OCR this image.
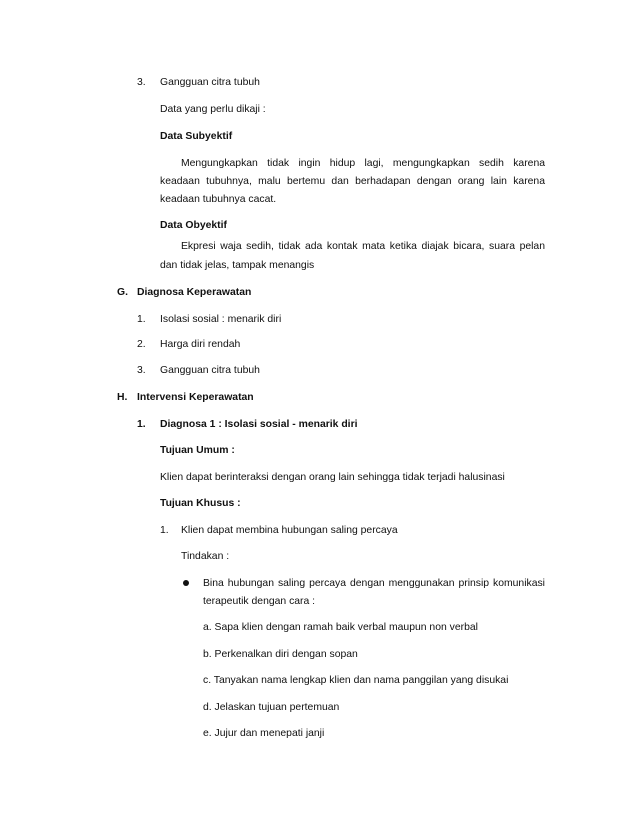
3. Gangguan citra tubuh
Data yang perlu dikaji :
Data Subyektif
Mengungkapkan tidak ingin hidup lagi, mengungkapkan sedih karena
keadaan tubuhnya, malu bertemu dan berhadapan dengan orang lain karena
keadaan tubuhnya cacat.
Data Obyektif
Ekpresi waja sedih, tidak ada kontak mata ketika diajak bicara, suara pelan
dan tidak jelas, tampak menangis
G. Diagnosa Keperawatan
1. Isolasi sosial : menarik diri
2. Harga diri rendah
3. Gangguan citra tubuh
H. Intervensi Keperawatan
1. Diagnosa 1 : Isolasi sosial - menarik diri
Tujuan Umum :
Klien dapat berinteraksi dengan orang lain sehingga tidak terjadi halusinasi
Tujuan Khusus :
1. Klien dapat membina hubungan saling percaya
Tindakan :
Bina hubungan saling percaya dengan menggunakan prinsip komunikasi
terapeutik dengan cara :
a. Sapa klien dengan ramah baik verbal maupun non verbal
b. Perkenalkan diri dengan sopan
c. Tanyakan nama lengkap klien dan nama panggilan yang disukai
d. Jelaskan tujuan pertemuan
e. Jujur dan menepati janji
